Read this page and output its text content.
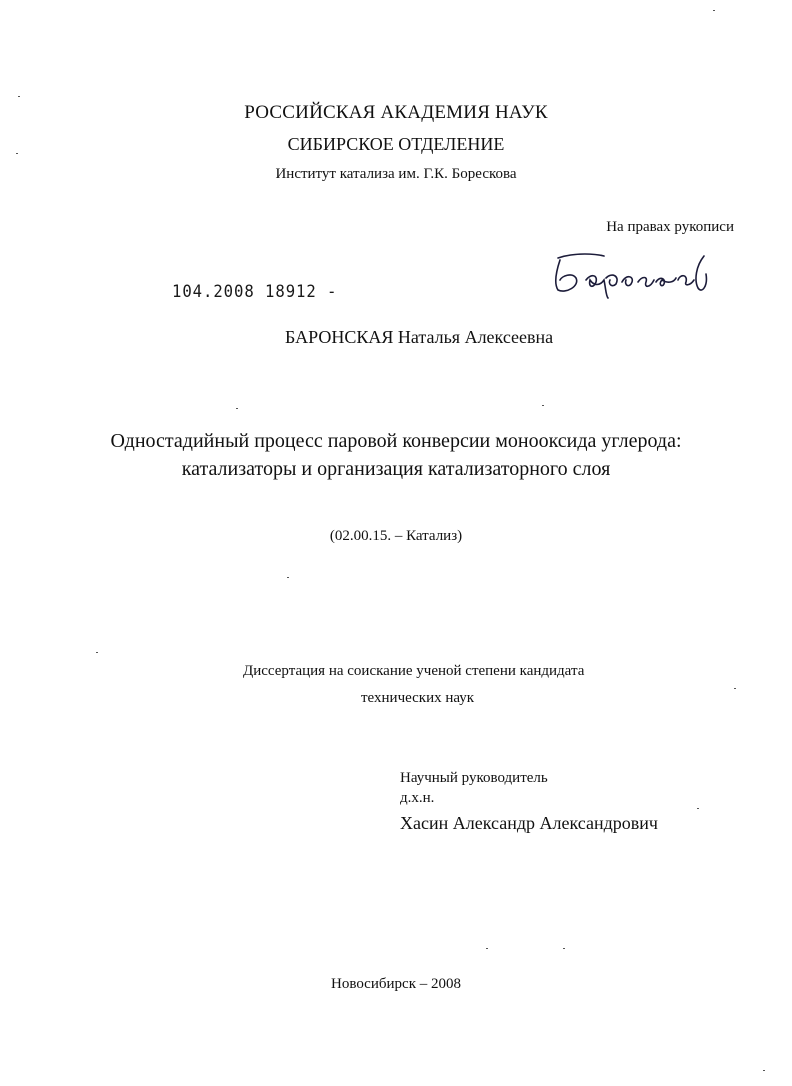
РОССИЙСКАЯ АКАДЕМИЯ НАУК
СИБИРСКОЕ ОТДЕЛЕНИЕ
Институт катализа им. Г.К. Борескова
На правах рукописи
104.2008 18912 -
БАРОНСКАЯ Наталья Алексеевна
Одностадийный процесс паровой конверсии монооксида углерода:
катализаторы и организация катализаторного слоя
(02.00.15. – Катализ)
Диссертация на соискание ученой степени кандидата
технических наук
Научный руководитель
д.х.н.
Хасин Александр Александрович
Новосибирск – 2008
